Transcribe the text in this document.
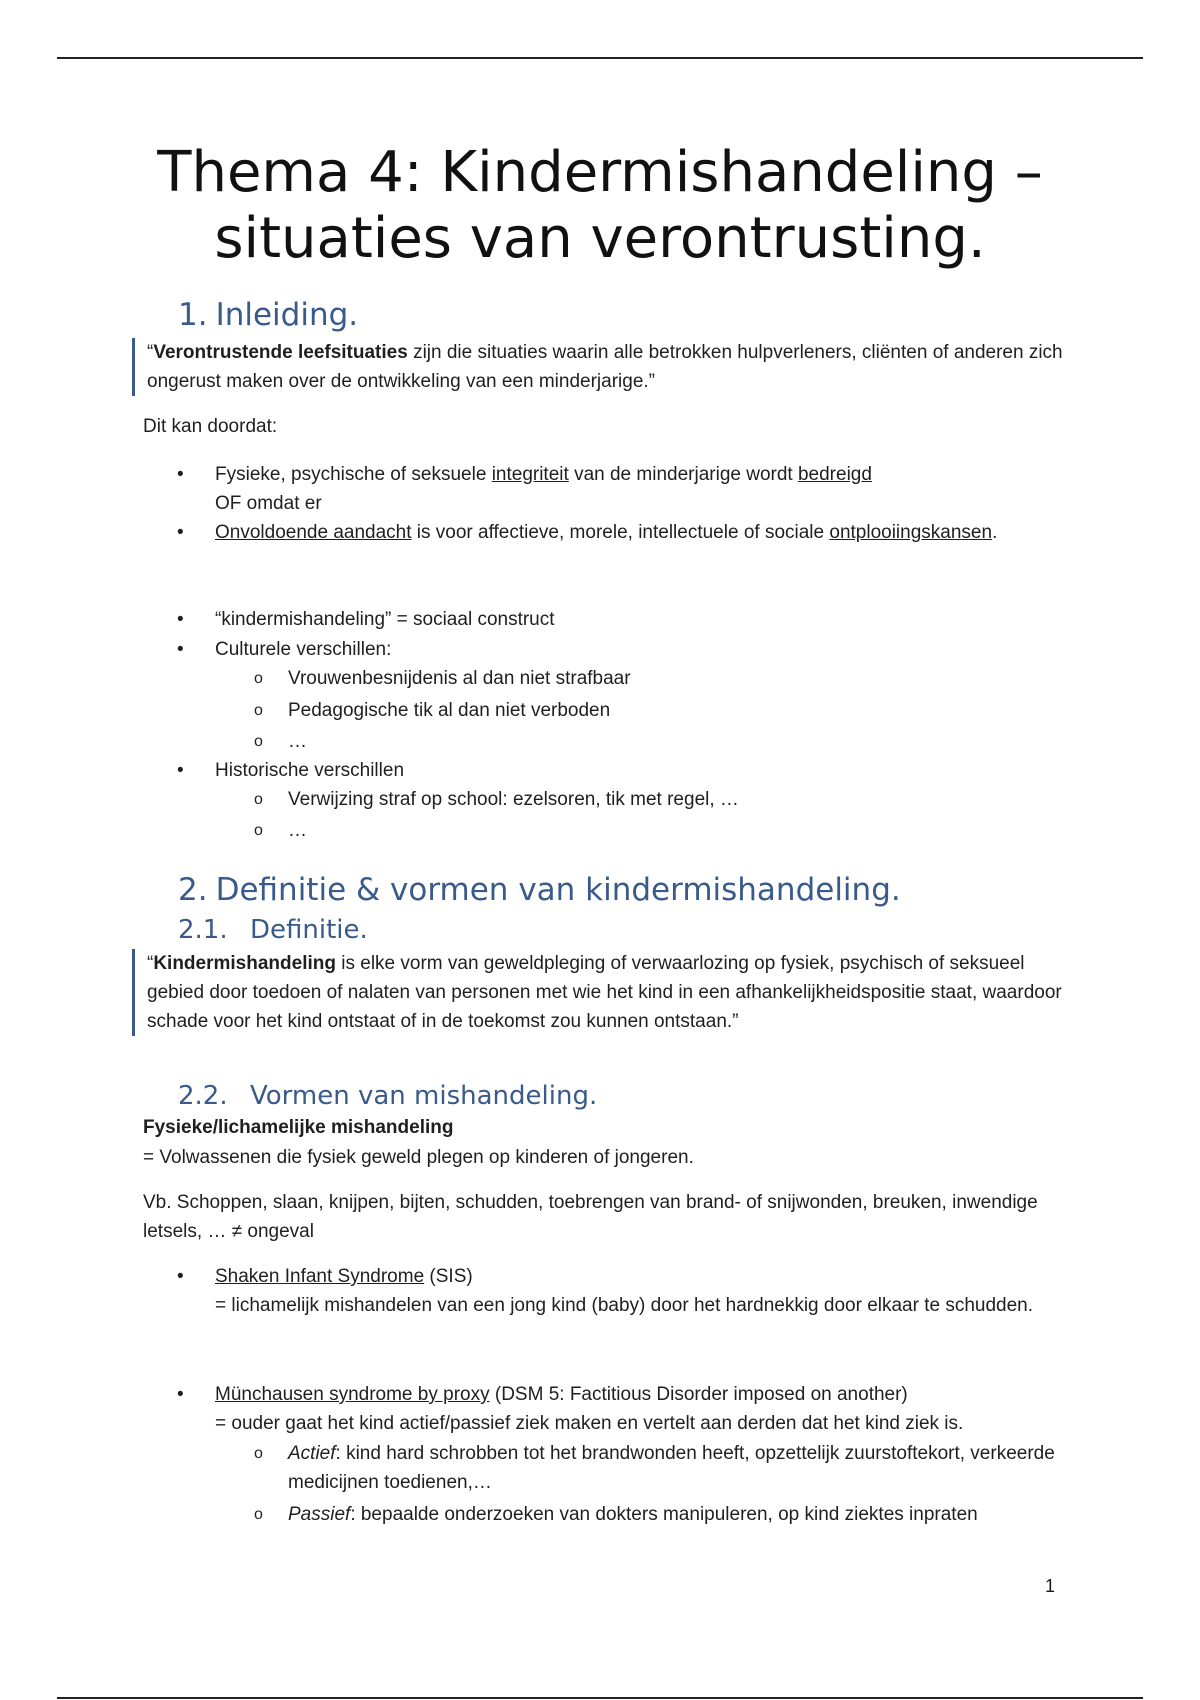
Thema 4: Kindermishandeling –
situaties van verontrusting.
1. Inleiding.
“Verontrustende leefsituaties zijn die situaties waarin alle betrokken hulpverleners, cliënten of anderen zich ongerust maken over de ontwikkeling van een minderjarige.”

Dit kan doordat:

• Fysieke, psychische of seksuele integriteit van de minderjarige wordt bedreigd
OF omdat er
• Onvoldoende aandacht is voor affectieve, morele, intellectuele of sociale ontplooiingskansen.
• “kindermishandeling” = sociaal construct
• Culturele verschillen:
o Vrouwenbesnijdenis al dan niet strafbaar
o Pedagogische tik al dan niet verboden
o …
• Historische verschillen
o Verwijzing straf op school: ezelsoren, tik met regel, …
o …
2. Definitie & vormen van kindermishandeling.
2.1. Definitie.
“Kindermishandeling is elke vorm van geweldpleging of verwaarlozing op fysiek, psychisch of seksueel gebied door toedoen of nalaten van personen met wie het kind in een afhankelijkheidspositie staat, waardoor schade voor het kind ontstaat of in de toekomst zou kunnen ontstaan.”
2.2. Vormen van mishandeling.

Fysieke/lichamelijke mishandeling

= Volwassenen die fysiek geweld plegen op kinderen of jongeren.

Vb. Schoppen, slaan, knijpen, bijten, schudden, toebrengen van brand- of snijwonden, breuken, inwendige letsels, … ≠ ongeval

• Shaken Infant Syndrome (SIS)
= lichamelijk mishandelen van een jong kind (baby) door het hardnekkig door elkaar te schudden.
• Münchausen syndrome by proxy (DSM 5: Factitious Disorder imposed on another)
= ouder gaat het kind actief/passief ziek maken en vertelt aan derden dat het kind ziek is.
o Actief: kind hard schrobben tot het brandwonden heeft, opzettelijk zuurstoftekort, verkeerde medicijnen toedienen,…
o Passief: bepaalde onderzoeken van dokters manipuleren, op kind ziektes inpraten
1
